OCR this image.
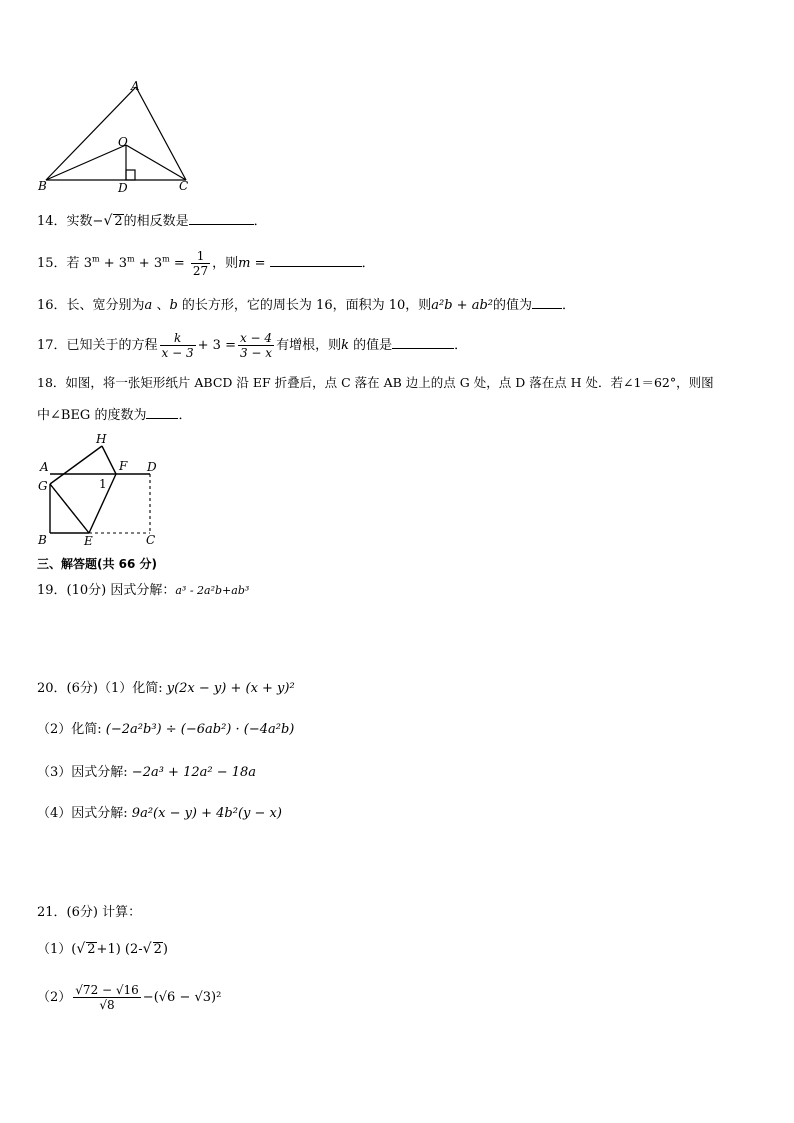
A
O
B	D	C
14．实数−√ 2的相反数是	．
15．若 $3^m + 3^m + 3^m = \frac{1}{27}$ ，则m =	．
16．长、宽分别为a 、b 的长方形，它的周长为 16，面积为 10，则a²b + ab²的值为 ．
17．已知关于的方程 $\frac{k}{x - 3} + 3 = \frac{x - 4}{3 - x}$ 有增根，则k 的值是	．
18．如图，将一张矩形纸片 ABCD 沿 EF 折叠后，点 C 落在 AB 边上的点 G 处，点 D 落在点 H 处．若∠1＝62°，则图
中∠BEG 的度数为 ．
H
A	F D
G	1
B	E	C
三、解答题(共 66 分)
19．(10分) 因式分解：a³ - 2a²b+ab³
20．(6分)（1）化简: y(2x − y) + (x + y)²
（2）化简: (−2a²b³) ÷ (−6ab²) · (−4a²b)
（3）因式分解: −2a³ + 12a² − 18a
（4）因式分解: 9a²(x − y) + 4b²(y − x)
21．(6分) 计算：
（1）(√ 2+1) (2-√ 2)
$(2) \frac{√72 - √16}{√8} -(√6 - √3)^2$
